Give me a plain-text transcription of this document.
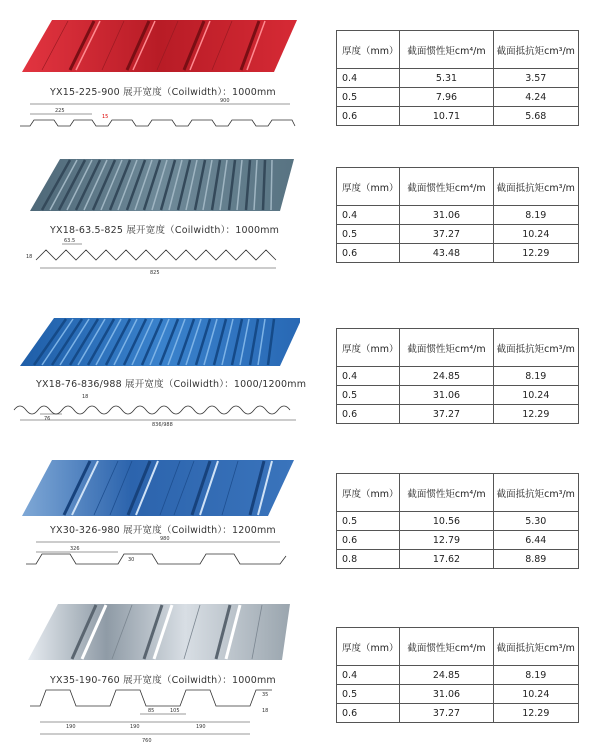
YX15-225-900 展开宽度（Coilwidth）：1000mm
900
225
15
厚度（mm）	截面惯性矩cm⁴/m	截面抵抗矩cm³/m
0.4	5.31	3.57
0.5	7.96	4.24
0.6	10.71	5.68
YX18-63.5-825 展开宽度（Coilwidth）：1000mm
63.5
18
825
厚度（mm）	截面惯性矩cm⁴/m	截面抵抗矩cm³/m
0.4	31.06	8.19
0.5	37.27	10.24
0.6	43.48	12.29
YX18-76-836/988 展开宽度（Coilwidth）：1000/1200mm
18
76
836/988
厚度（mm）	截面惯性矩cm⁴/m	截面抵抗矩cm³/m
0.4	24.85	8.19
0.5	31.06	10.24
0.6	37.27	12.29
YX30-326-980 展开宽度（Coilwidth）：1200mm
980
326
30
厚度（mm）	截面惯性矩cm⁴/m	截面抵抗矩cm³/m
0.5	10.56	5.30
0.6	12.79	6.44
0.8	17.62	8.89
YX35-190-760 展开宽度（Coilwidth）：1000mm
35
18
85	105
190	190	190
760
厚度（mm）	截面惯性矩cm⁴/m	截面抵抗矩cm³/m
0.4	24.85	8.19
0.5	31.06	10.24
0.6	37.27	12.29
